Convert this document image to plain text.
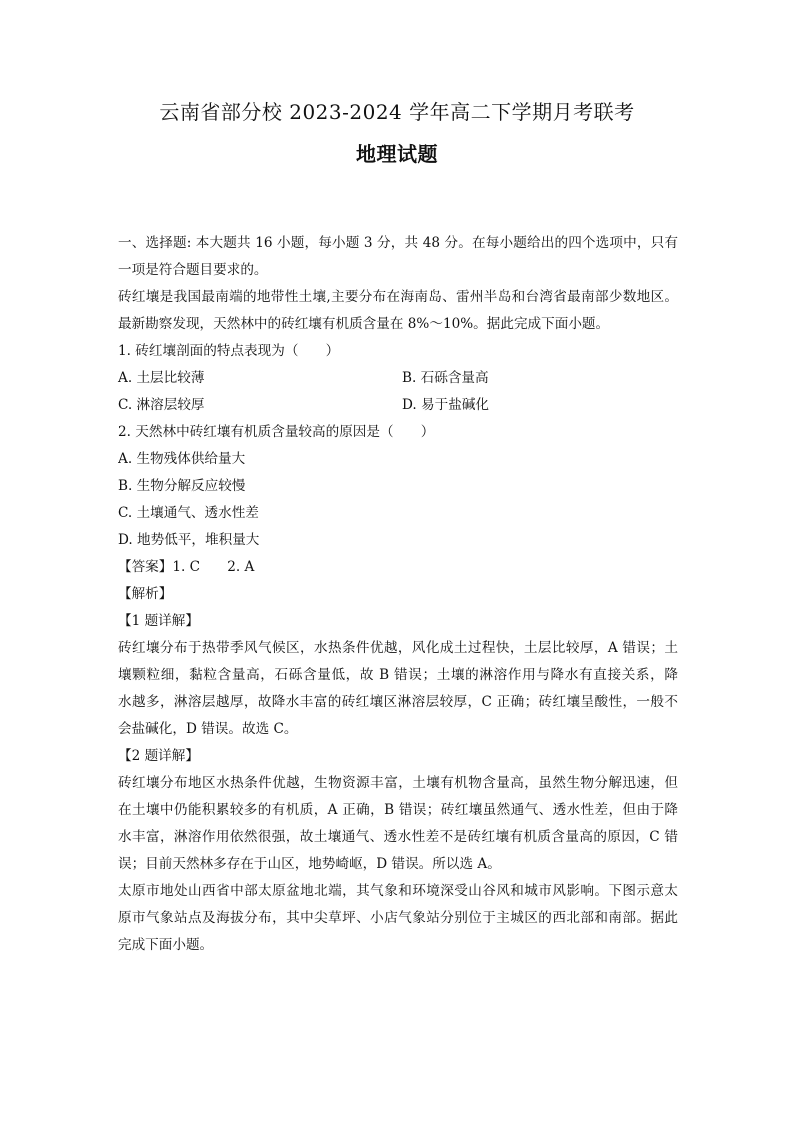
云南省部分校 2023-2024 学年高二下学期月考联考
地理试题
一、选择题: 本大题共 16 小题，每小题 3 分，共 48 分。在每小题给出的四个选项中，只有
一项是符合题目要求的。
砖红壤是我国最南端的地带性土壤,主要分布在海南岛、雷州半岛和台湾省最南部少数地区。
最新勘察发现，天然林中的砖红壤有机质含量在 8%～10%。据此完成下面小题。
1. 砖红壤剖面的特点表现为（　　）
A. 土层比较薄	B. 石砾含量高
C. 淋溶层较厚	D. 易于盐碱化
2. 天然林中砖红壤有机质含量较高的原因是（　　）
A. 生物残体供给量大
B. 生物分解反应较慢
C. 土壤通气、透水性差
D. 地势低平，堆积量大
【答案】1. C　　2. A
【解析】
【1 题详解】
砖红壤分布于热带季风气候区，水热条件优越，风化成土过程快，土层比较厚，A 错误；土
壤颗粒细，黏粒含量高，石砾含量低，故 B 错误；土壤的淋溶作用与降水有直接关系，降
水越多，淋溶层越厚，故降水丰富的砖红壤区淋溶层较厚，C 正确；砖红壤呈酸性，一般不
会盐碱化，D 错误。故选 C。
【2 题详解】
砖红壤分布地区水热条件优越，生物资源丰富，土壤有机物含量高，虽然生物分解迅速，但
在土壤中仍能积累较多的有机质，A 正确，B 错误；砖红壤虽然通气、透水性差，但由于降
水丰富，淋溶作用依然很强，故土壤通气、透水性差不是砖红壤有机质含量高的原因，C 错
误；目前天然林多存在于山区，地势崎岖，D 错误。所以选 A。
太原市地处山西省中部太原盆地北端，其气象和环境深受山谷风和城市风影响。下图示意太
原市气象站点及海拔分布，其中尖草坪、小店气象站分别位于主城区的西北部和南部。据此
完成下面小题。
